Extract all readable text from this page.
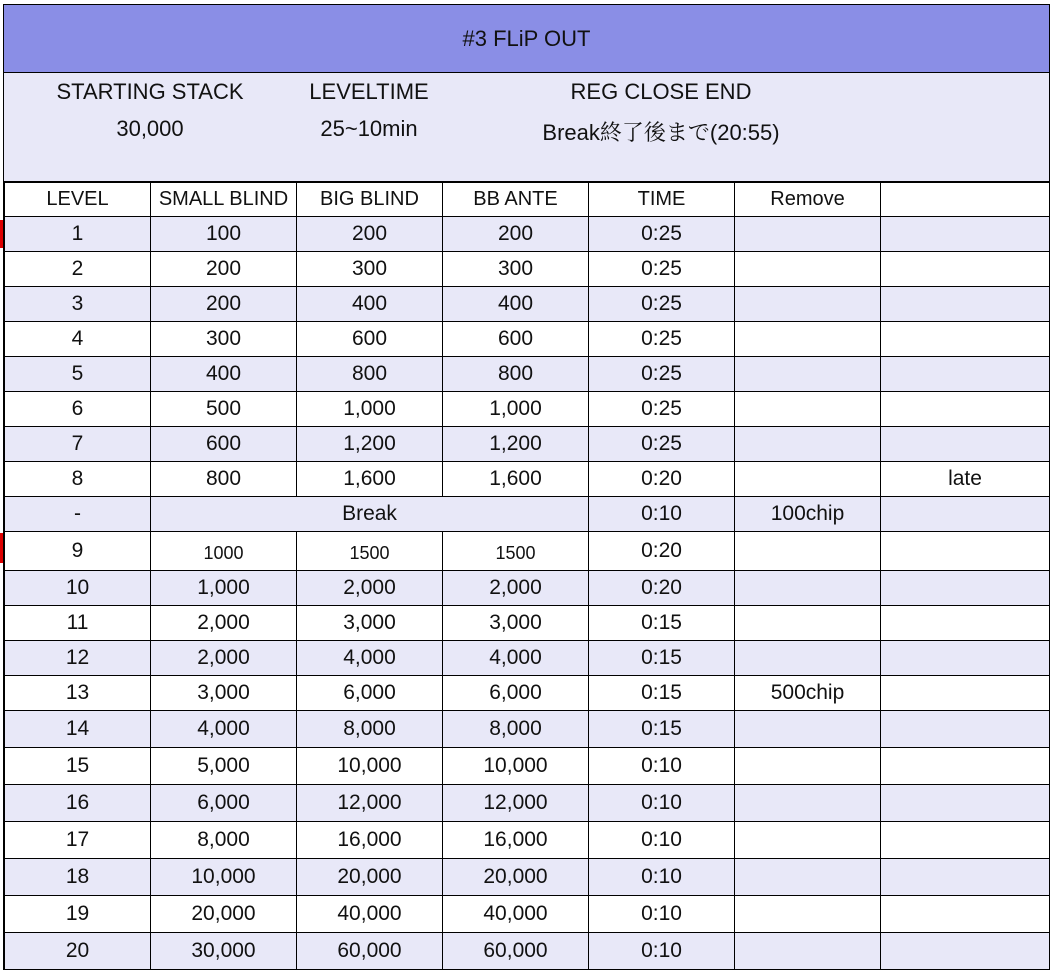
#3 FLiP OUT
STARTING STACK
30,000
LEVELTIME
25~10min
REG CLOSE END
Break終了後まで(20:55)
LEVEL	SMALL BLIND	BIG BLIND	BB ANTE	TIME	Remove	
1	100	200	200	0:25		
2	200	300	300	0:25		
3	200	400	400	0:25		
4	300	600	600	0:25		
5	400	800	800	0:25		
6	500	1,000	1,000	0:25		
7	600	1,200	1,200	0:25		
8	800	1,600	1,600	0:20		late
-	Break			0:10	100chip	
9	1000	1500	1500	0:20		
10	1,000	2,000	2,000	0:20		
11	2,000	3,000	3,000	0:15		
12	2,000	4,000	4,000	0:15		
13	3,000	6,000	6,000	0:15	500chip	
14	4,000	8,000	8,000	0:15		
15	5,000	10,000	10,000	0:10		
16	6,000	12,000	12,000	0:10		
17	8,000	16,000	16,000	0:10		
18	10,000	20,000	20,000	0:10		
19	20,000	40,000	40,000	0:10		
20	30,000	60,000	60,000	0:10		
